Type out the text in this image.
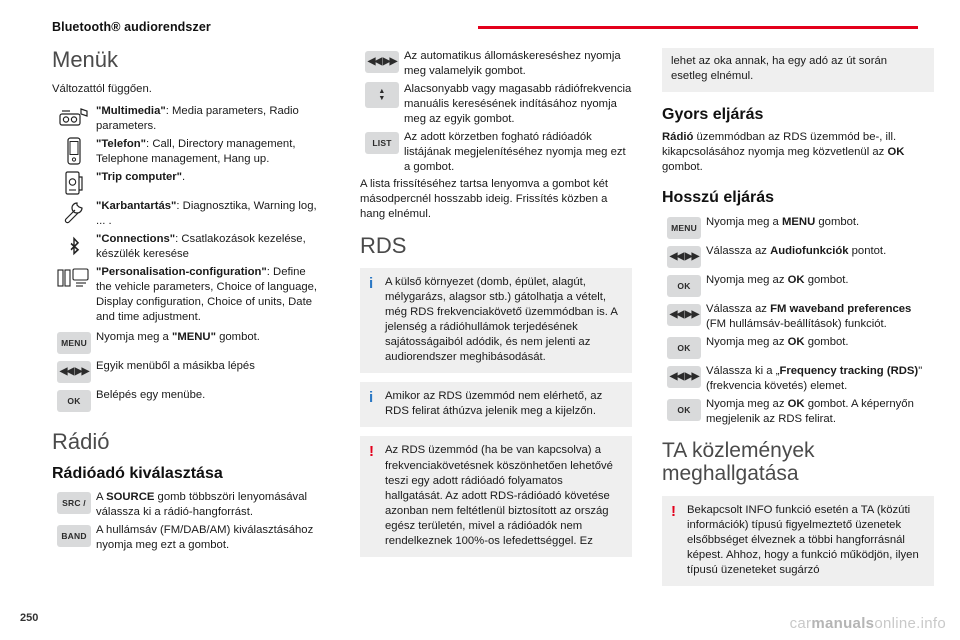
Bluetooth® audiorendszer
Menük

Változattól függően.

"Multimedia": Media parameters, Radio parameters.
"Telefon": Call, Directory management, Telephone management, Hang up.
"Trip computer".
"Karbantartás": Diagnosztika, Warning log, ... .
"Connections": Csatlakozások kezelése, készülék keresése
"Personalisation-configuration": Define the vehicle parameters, Choice of language, Display configuration, Choice of units, Date and time adjustment.
MENU Nyomja meg a "MENU" gombot.
◀◀ ▶▶ Egyik menüből a másikba lépés
OK	Belépés egy menübe.
Rádió
Rádióadó kiválasztása
SRC / A SOURCE gomb többszöri lenyomásával válassza ki a rádió-hangforrást.
BAND A hullámsáv (FM/DAB/AM) kiválasztásához nyomja meg ezt a gombot.
◀◀ ▶▶ Az automatikus állomáskereséshez nyomja meg valamelyik gombot.
▲
▼
Alacsonyabb vagy magasabb rádiófrekvencia manuális keresésének indításához nyomja meg az egyik gombot.
LIST	Az adott körzetben fogható rádióadók listájának megjelenítéséhez nyomja meg ezt a gombot.

A lista frissítéséhez tartsa lenyomva a gombot két másodpercnél hosszabb ideig. Frissítés közben a hang elnémul.

RDS
i	A külső környezet (domb, épület, alagút, mélygarázs, alagsor stb.) gátolhatja a vételt, még RDS frekvenciakövető üzemmódban is. A jelenség a rádióhullámok terjedésének sajátosságaiból adódik, és nem jelenti az audiorendszer meghibásodását.
i	Amikor az RDS üzemmód nem elérhető, az RDS felirat áthúzva jelenik meg a kijelzőn.
! Az RDS üzemmód (ha be van kapcsolva) a frekvenciakövetésnek köszönhetően lehetővé teszi egy adott rádióadó folyamatos hallgatását. Az adott RDS-rádióadó követése azonban nem feltétlenül biztosított az ország egész területén, mivel a rádióadók nem rendelkeznek 100%-os lefedettséggel. Ez
lehet az oka annak, ha egy adó az út során esetleg elnémul.
Gyors eljárás

Rádió üzemmódban az RDS üzemmód be-, ill. kikapcsolásához nyomja meg közvetlenül az OK gombot.

Hosszú eljárás
MENU Nyomja meg a MENU gombot.
◀◀ ▶▶ Válassza az Audiofunkciók pontot.
OK	Nyomja meg az OK gombot.
◀◀ ▶▶ Válassza az FM waveband preferences (FM hullámsáv-beállítások) funkciót.
OK	Nyomja meg az OK gombot.
◀◀ ▶▶ Válassza ki a „Frequency tracking (RDS)" (frekvencia követés) elemet.
OK	Nyomja meg az OK gombot. A képernyőn megjelenik az RDS felirat.
TA közlemények meghallgatása
! Bekapcsolt INFO funkció esetén a TA (közúti információk) típusú figyelmeztető üzenetek elsőbbséget élveznek a többi hangforrásnál képest. Ahhoz, hogy a funkció működjön, ilyen típusú üzeneteket sugárzó
250	carmanualsonline.info
